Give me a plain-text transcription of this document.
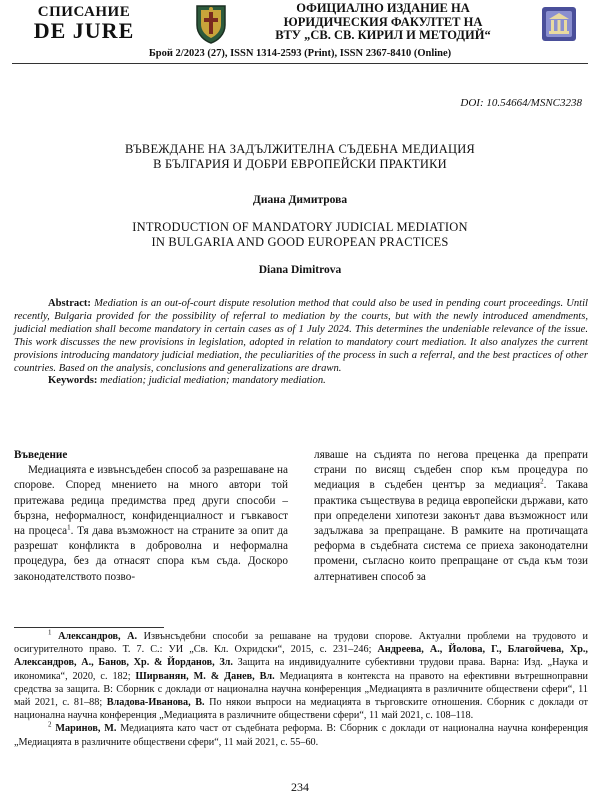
СПИСАНИЕ
DE JURE
ОФИЦИАЛНО ИЗДАНИЕ НА
ЮРИДИЧЕСКИЯ ФАКУЛТЕТ НА
ВТУ „СВ. СВ. КИРИЛ И МЕТОДИЙ“
Брой 2/2023 (27), ISSN 1314-2593 (Print), ISSN 2367-8410 (Online)
DOI: 10.54664/MSNC3238
ВЪВЕЖДАНЕ НА ЗАДЪЛЖИТЕЛНА СЪДЕБНА МЕДИАЦИЯ
В БЪЛГАРИЯ И ДОБРИ ЕВРОПЕЙСКИ ПРАКТИКИ
Диана Димитрова
INTRODUCTION OF MANDATORY JUDICIAL MEDIATION
IN BULGARIA AND GOOD EUROPEAN PRACTICES
Diana Dimitrova

Abstract: Mediation is an out-of-court dispute resolution method that could also be used in pending court proceedings. Until recently, Bulgaria provided for the possibility of referral to mediation by the courts, but with the newly introduced amendments, judicial mediation shall become mandatory in certain cases as of 1 July 2024. This determines the undeniable relevance of the issue. This work discusses the new provisions in legislation, adopted in relation to mandatory court mediation. It also analyzes the current provisions introducing mandatory judicial mediation, the peculiarities of the process in such a referral, and the best practices of other countries. Based on the analysis, conclusions and generalizations are drawn.

Keywords: mediation; judicial mediation; mandatory mediation.

Въведение

Медиацията е извънсъдебен способ за разрешаване на спорове. Според мнението на много автори той притежава редица предимства пред други способи – бързна, неформалност, конфиденциалност и гъвкавост на процеса$^1$. Тя дава възможност на страните за опит да разрешат конфликта в доброволна и неформална процедура, без да отнасят спора към съда. Доскоро законодателството позво-

ляваше на съдията по негова преценка да препрати страни по висящ съдебен спор към процедура по медиация в съдебен център за медиация$^2$. Такава практика съществува в редица европейски държави, като при определени хипотези законът дава възможност или задължава за препращане. В рамките на протичащата реформа в съдебната система се приеха законодателни промени, съгласно които препращане от съда към този алтернативен способ за

$^1$ Александров, А. Извънсъдебни способи за решаване на трудови спорове. Актуални проблеми на трудовото и осигурителното право. Т. 7. С.: УИ „Св. Кл. Охридски“, 2015, с. 231–246; Андреева, А., Йолова, Г., Благойчева, Хр., Александров, А., Банов, Хр. & Йорданов, Зл. Защита на индивидуалните субективни трудови права. Варна: Изд. „Наука и икономика“, 2020, с. 182; Ширванян, М. & Данев, Вл. Медиацията в контекста на правото на ефективни вътрешноправни средства за защита. В: Сборник с доклади от национална научна конференция „Медиацията в различните обществени сфери“, 11 май 2021, с. 81–88; Владова-Иванова, В. По някои въпроси на медиацията в търговските отношения. Сборник с доклади от национална научна конференция „Медиацията в различните обществени сфери“, 11 май 2021, с. 108–118.

$^2$ Маринов, М. Медиацията като част от съдебната реформа. В: Сборник с доклади от национална научна конференция „Медиацията в различните обществени сфери“, 11 май 2021, с. 55–60.

234
